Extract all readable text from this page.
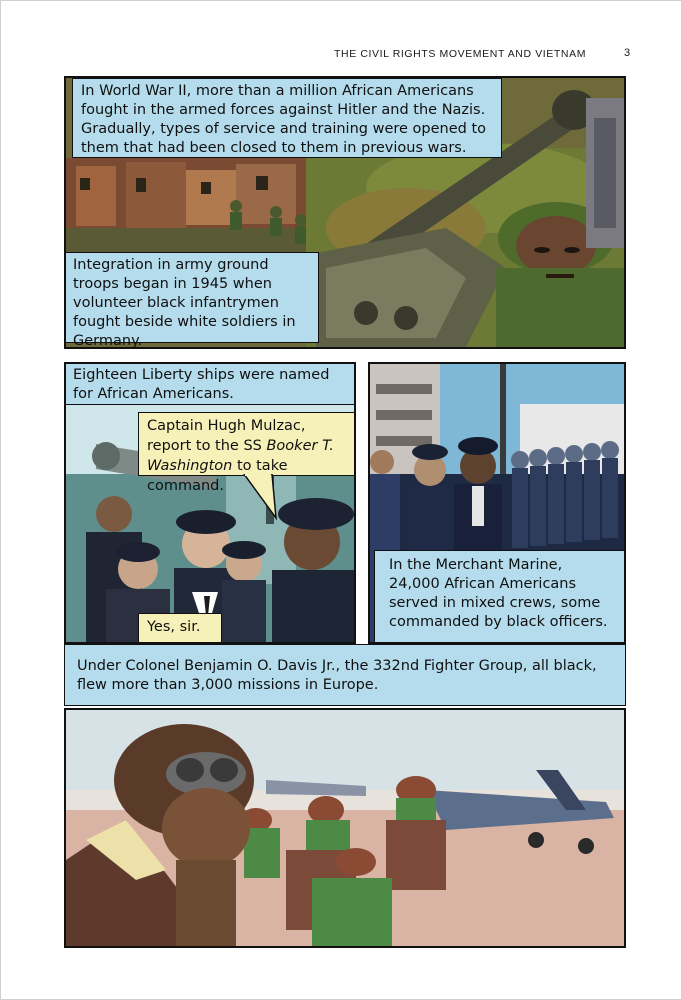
THE CIVIL RIGHTS MOVEMENT AND VIETNAM	3
In World War II, more than a million African Americans fought in the armed forces against Hitler and the Nazis. Gradually, types of service and training were opened to them that had been closed to them in previous wars.
Integration in army ground troops began in 1945 when volunteer black infantrymen fought beside white soldiers in Germany.
Eighteen Liberty ships were named for African Americans.
Captain Hugh Mulzac, report to the SS Booker T. Washington to take command.
Yes, sir.
In the Merchant Marine, 24,000 African Americans served in mixed crews, some commanded by black officers.
Under Colonel Benjamin O. Davis Jr., the 332nd Fighter Group, all black, flew more than 3,000 missions in Europe.
